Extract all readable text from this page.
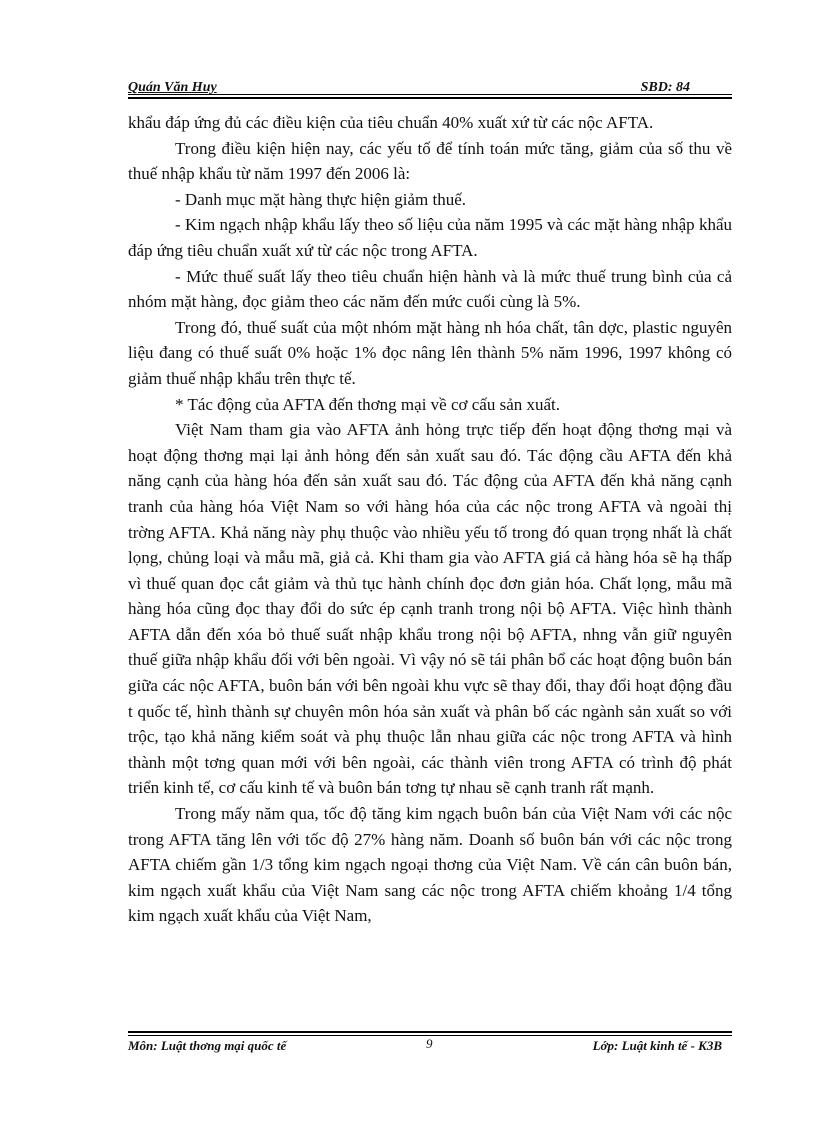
Quán Văn Huy	SBD: 84

khẩu đáp ứng đủ các điều kiện của tiêu chuẩn 40% xuất xứ từ các nộc AFTA.

Trong điều kiện hiện nay, các yếu tố để tính toán mức tăng, giảm của số thu về thuế nhập khẩu từ năm 1997 đến 2006 là:

- Danh mục mặt hàng thực hiện giảm thuế.

- Kim ngạch nhập khẩu lấy theo số liệu của năm 1995 và các mặt hàng nhập khẩu đáp ứng tiêu chuẩn xuất xứ từ các nộc trong AFTA.

- Mức thuế suất lấy theo tiêu chuẩn hiện hành và là mức thuế trung bình của cả nhóm mặt hàng, đọc giảm theo các năm đến mức cuối cùng là 5%.

Trong đó, thuế suất của một nhóm mặt hàng nh hóa chất, tân dợc, plastic nguyên liệu đang có thuế suất 0% hoặc 1% đọc nâng lên thành 5% năm 1996, 1997 không có giảm thuế nhập khẩu trên thực tế.

* Tác động của AFTA đến thơng mại về cơ cấu sản xuất.

Việt Nam tham gia vào AFTA ảnh hỏng trực tiếp đến hoạt động thơng mại và hoạt động thơng mại lại ảnh hỏng đến sản xuất sau đó. Tác động cầu AFTA đến khả năng cạnh của hàng hóa đến sản xuất sau đó. Tác động của AFTA đến khả năng cạnh tranh của hàng hóa Việt Nam so với hàng hóa của các nộc trong AFTA và ngoài thị trờng AFTA. Khả năng này phụ thuộc vào nhiều yếu tố trong đó quan trọng nhất là chất lọng, chủng loại và mẫu mã, giả cả. Khi tham gia vào AFTA giá cả hàng hóa sẽ hạ thấp vì thuế quan đọc cắt giảm và thủ tục hành chính đọc đơn giản hóa. Chất lọng, mẫu mã hàng hóa cũng đọc thay đổi do sức ép cạnh tranh trong nội bộ AFTA. Việc hình thành AFTA dẫn đến xóa bỏ thuế suất nhập khẩu trong nội bộ AFTA, nhng vẫn giữ nguyên thuế giữa nhập khẩu đối với bên ngoài. Vì vậy nó sẽ tái phân bổ các hoạt động buôn bán giữa các nộc AFTA, buôn bán với bên ngoài khu vực sẽ thay đổi, thay đổi hoạt động đầu t quốc tế, hình thành sự chuyên môn hóa sản xuất và phân bố các ngành sản xuất so với trộc, tạo khả năng kiểm soát và phụ thuộc lẫn nhau giữa các nộc trong AFTA và hình thành một tơng quan mới với bên ngoài, các thành viên trong AFTA có trình độ phát triển kinh tế, cơ cấu kinh tế và buôn bán tơng tự nhau sẽ cạnh tranh rất mạnh.

Trong mấy năm qua, tốc độ tăng kim ngạch buôn bán của Việt Nam với các nộc trong AFTA tăng lên với tốc độ 27% hàng năm. Doanh số buôn bán với các nộc trong AFTA chiếm gần 1/3 tổng kim ngạch ngoại thơng của Việt Nam. Về cán cân buôn bán, kim ngạch xuất khẩu của Việt Nam sang các nộc trong AFTA chiếm khoảng 1/4 tổng kim ngạch xuất khẩu của Việt Nam,

Môn: Luật thơng mại quốc tế	9	Lớp: Luật kinh tế - K3B
